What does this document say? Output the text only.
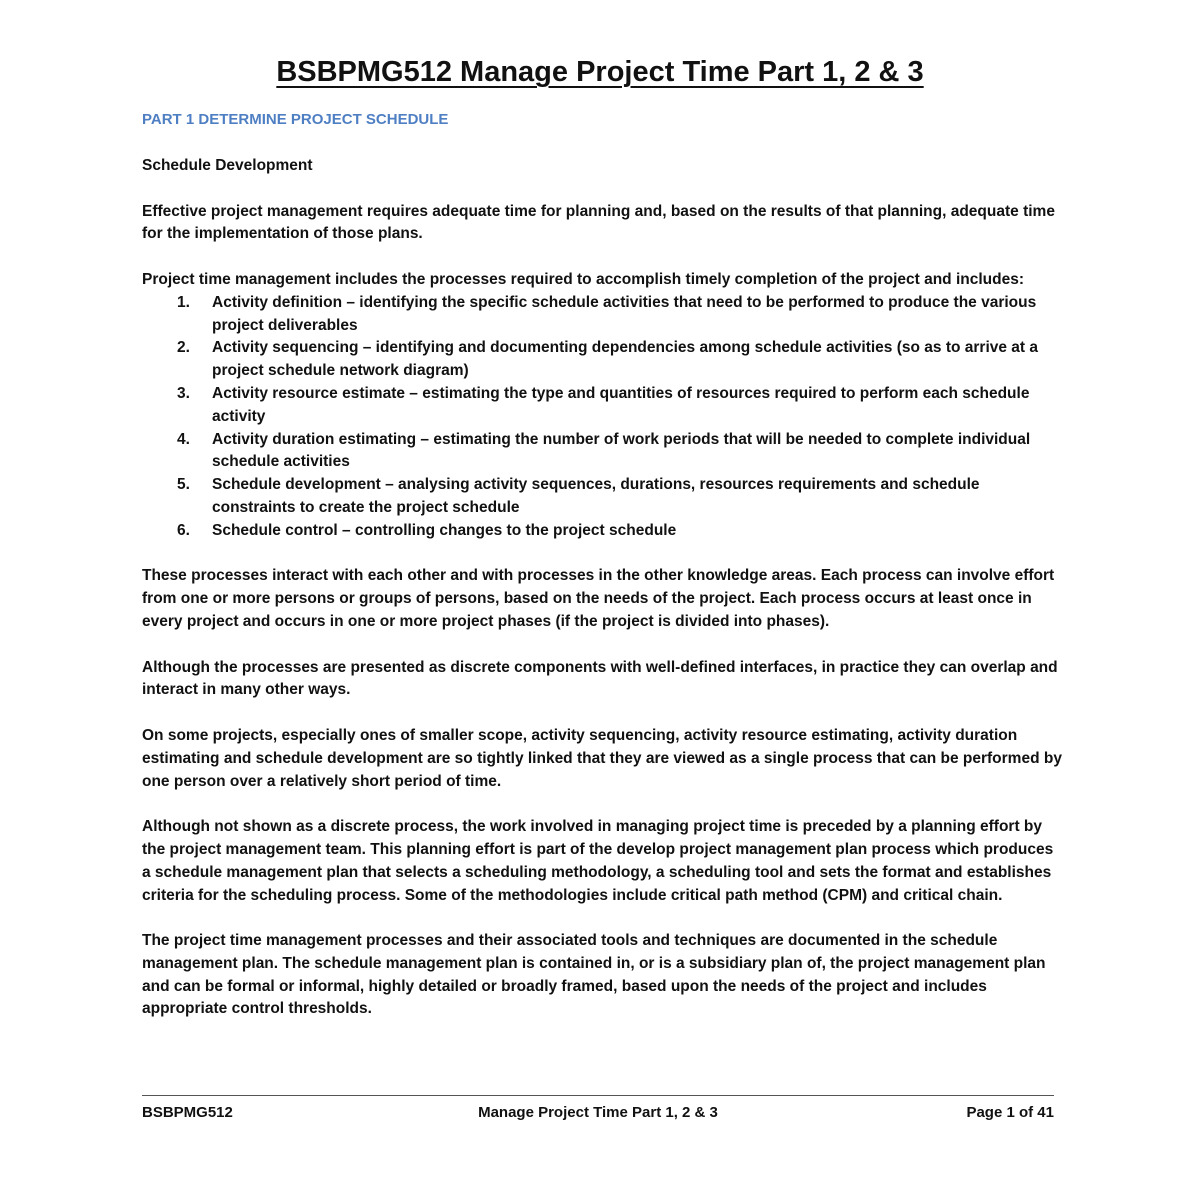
BSBPMG512 Manage Project Time Part 1, 2 & 3
PART 1 DETERMINE PROJECT SCHEDULE

Schedule Development

Effective project management requires adequate time for planning and, based on the results of that planning, adequate time for the implementation of those plans.

Project time management includes the processes required to accomplish timely completion of the project and includes:

1. Activity definition – identifying the specific schedule activities that need to be performed to produce the various project deliverables
2. Activity sequencing – identifying and documenting dependencies among schedule activities (so as to arrive at a project schedule network diagram)
3. Activity resource estimate – estimating the type and quantities of resources required to perform each schedule activity
4. Activity duration estimating – estimating the number of work periods that will be needed to complete individual schedule activities
5. Schedule development – analysing activity sequences, durations, resources requirements and schedule constraints to create the project schedule
6. Schedule control – controlling changes to the project schedule

These processes interact with each other and with processes in the other knowledge areas. Each process can involve effort from one or more persons or groups of persons, based on the needs of the project. Each process occurs at least once in every project and occurs in one or more project phases (if the project is divided into phases).

Although the processes are presented as discrete components with well-defined interfaces, in practice they can overlap and interact in many other ways.

On some projects, especially ones of smaller scope, activity sequencing, activity resource estimating, activity duration estimating and schedule development are so tightly linked that they are viewed as a single process that can be performed by one person over a relatively short period of time.

Although not shown as a discrete process, the work involved in managing project time is preceded by a planning effort by the project management team. This planning effort is part of the develop project management plan process which produces a schedule management plan that selects a scheduling methodology, a scheduling tool and sets the format and establishes criteria for the scheduling process. Some of the methodologies include critical path method (CPM) and critical chain.

The project time management processes and their associated tools and techniques are documented in the schedule management plan. The schedule management plan is contained in, or is a subsidiary plan of, the project management plan and can be formal or informal, highly detailed or broadly framed, based upon the needs of the project and includes appropriate control thresholds.

BSBPMG512	Manage Project Time Part 1, 2 & 3	Page 1 of 41
